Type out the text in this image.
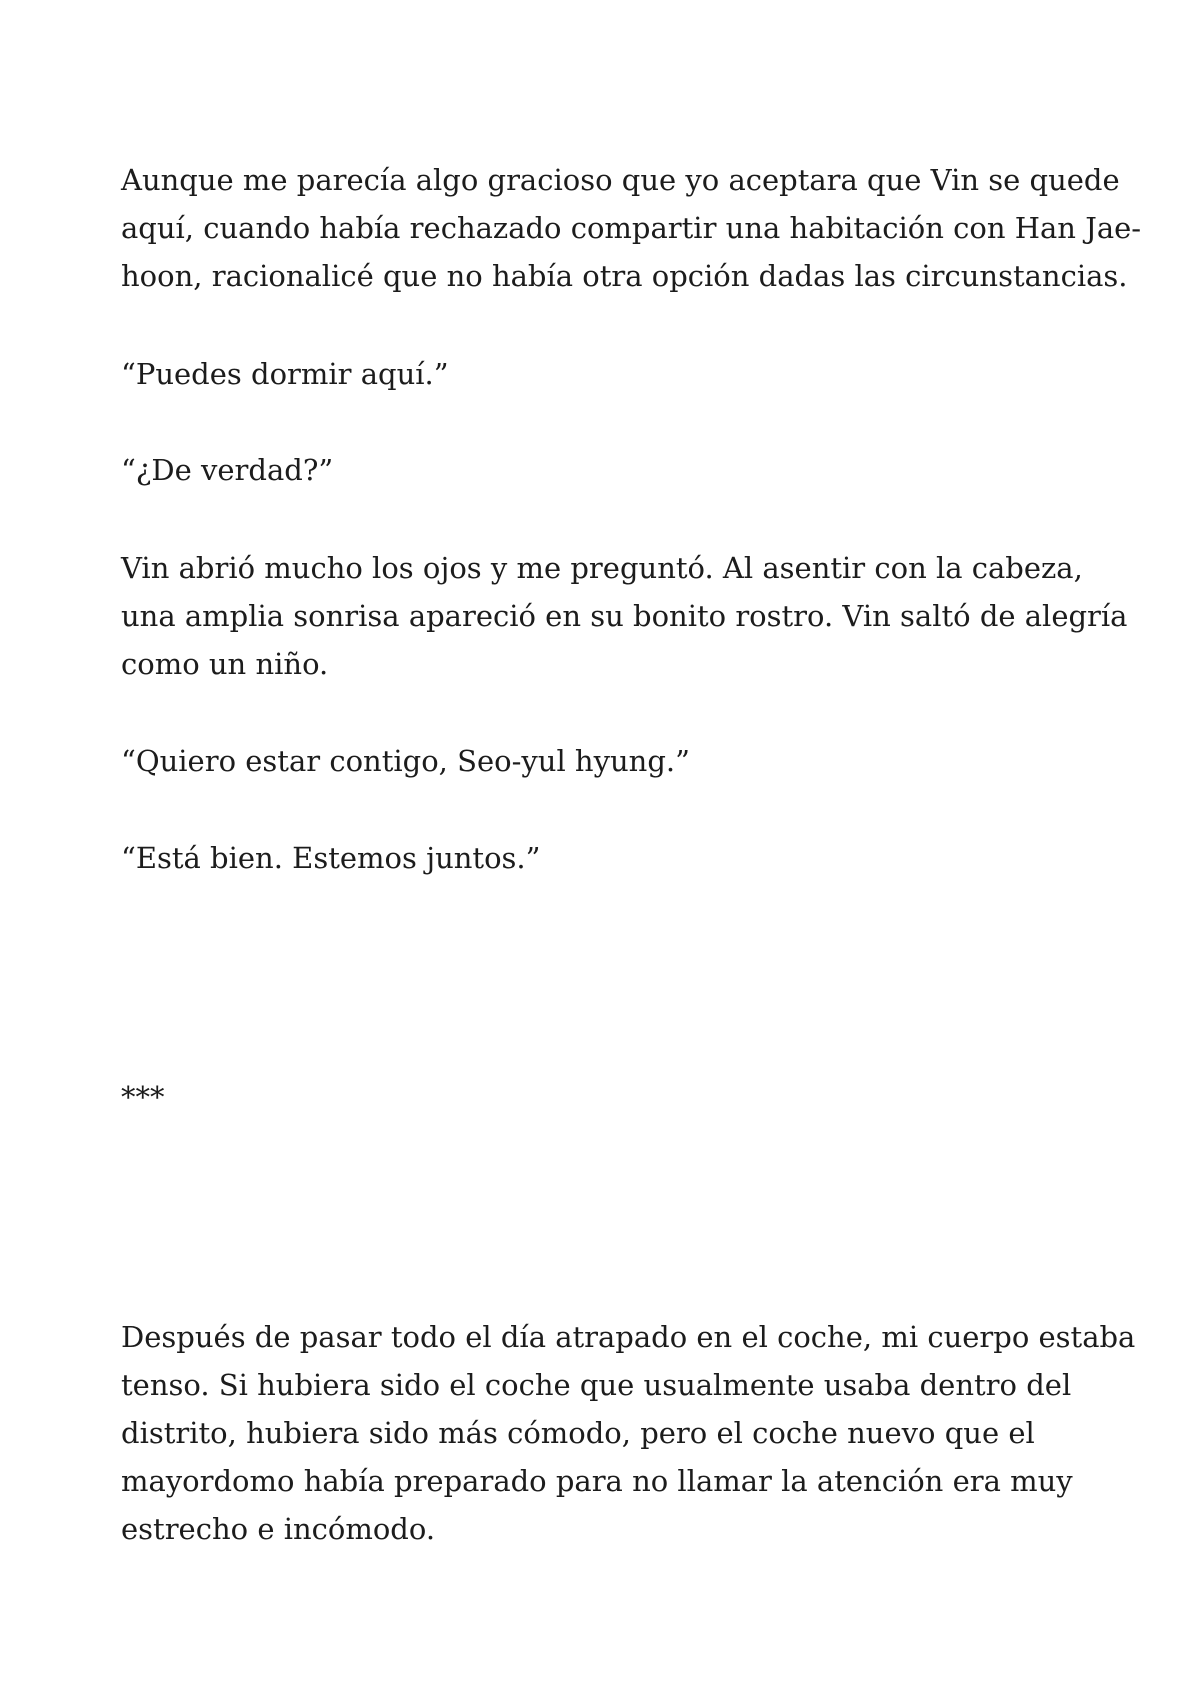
Aunque me parecía algo gracioso que yo aceptara que Vin se quede
aquí, cuando había rechazado compartir una habitación con Han Jae-
hoon, racionalicé que no había otra opción dadas las circunstancias.

“Puedes dormir aquí.”

“¿De verdad?”

Vin abrió mucho los ojos y me preguntó. Al asentir con la cabeza,
una amplia sonrisa apareció en su bonito rostro. Vin saltó de alegría
como un niño.

“Quiero estar contigo, Seo-yul hyung.”

“Está bien. Estemos juntos.”

***

Después de pasar todo el día atrapado en el coche, mi cuerpo estaba
tenso. Si hubiera sido el coche que usualmente usaba dentro del
distrito, hubiera sido más cómodo, pero el coche nuevo que el
mayordomo había preparado para no llamar la atención era muy
estrecho e incómodo.
